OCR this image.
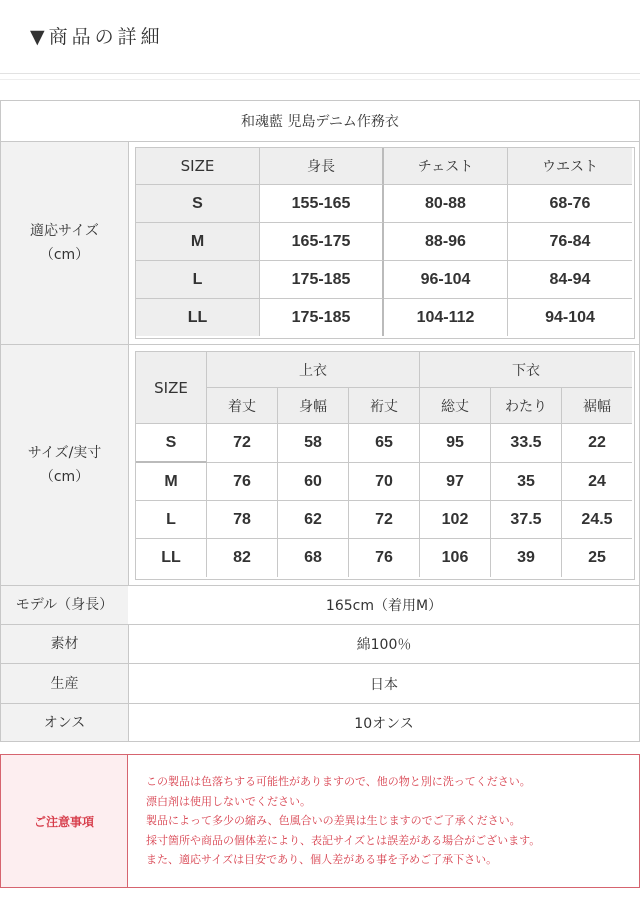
▼商品の詳細
和魂藍 児島デニム作務衣
適応サイズ
（cm）
SIZE	身長	チェスト	ウエスト
S	155-165	80-88	68-76
M	165-175	88-96	76-84
L	175-185	96-104	84-94
LL	175-185	104-112	94-104
サイズ/実寸
（cm）
SIZE
上衣	下衣
着丈	身幅	裄丈	総丈	わたり	裾幅
S	72	58	65	95	33.5	22
M	76	60	70	97	35	24
L	78	62	72	102	37.5	24.5
LL	82	68	76	106	39	25
モデル（身長）	165cm（着用M）
素材	綿100％
生産	日本
オンス	10オンス
ご注意事項
この製品は色落ちする可能性がありますので、他の物と別に洗ってください。
漂白剤は使用しないでください。
製品によって多少の縮み、色風合いの差異は生じますのでご了承ください。
採寸箇所や商品の個体差により、表記サイズとは誤差がある場合がございます。
また、適応サイズは目安であり、個人差がある事を予めご了承下さい。
